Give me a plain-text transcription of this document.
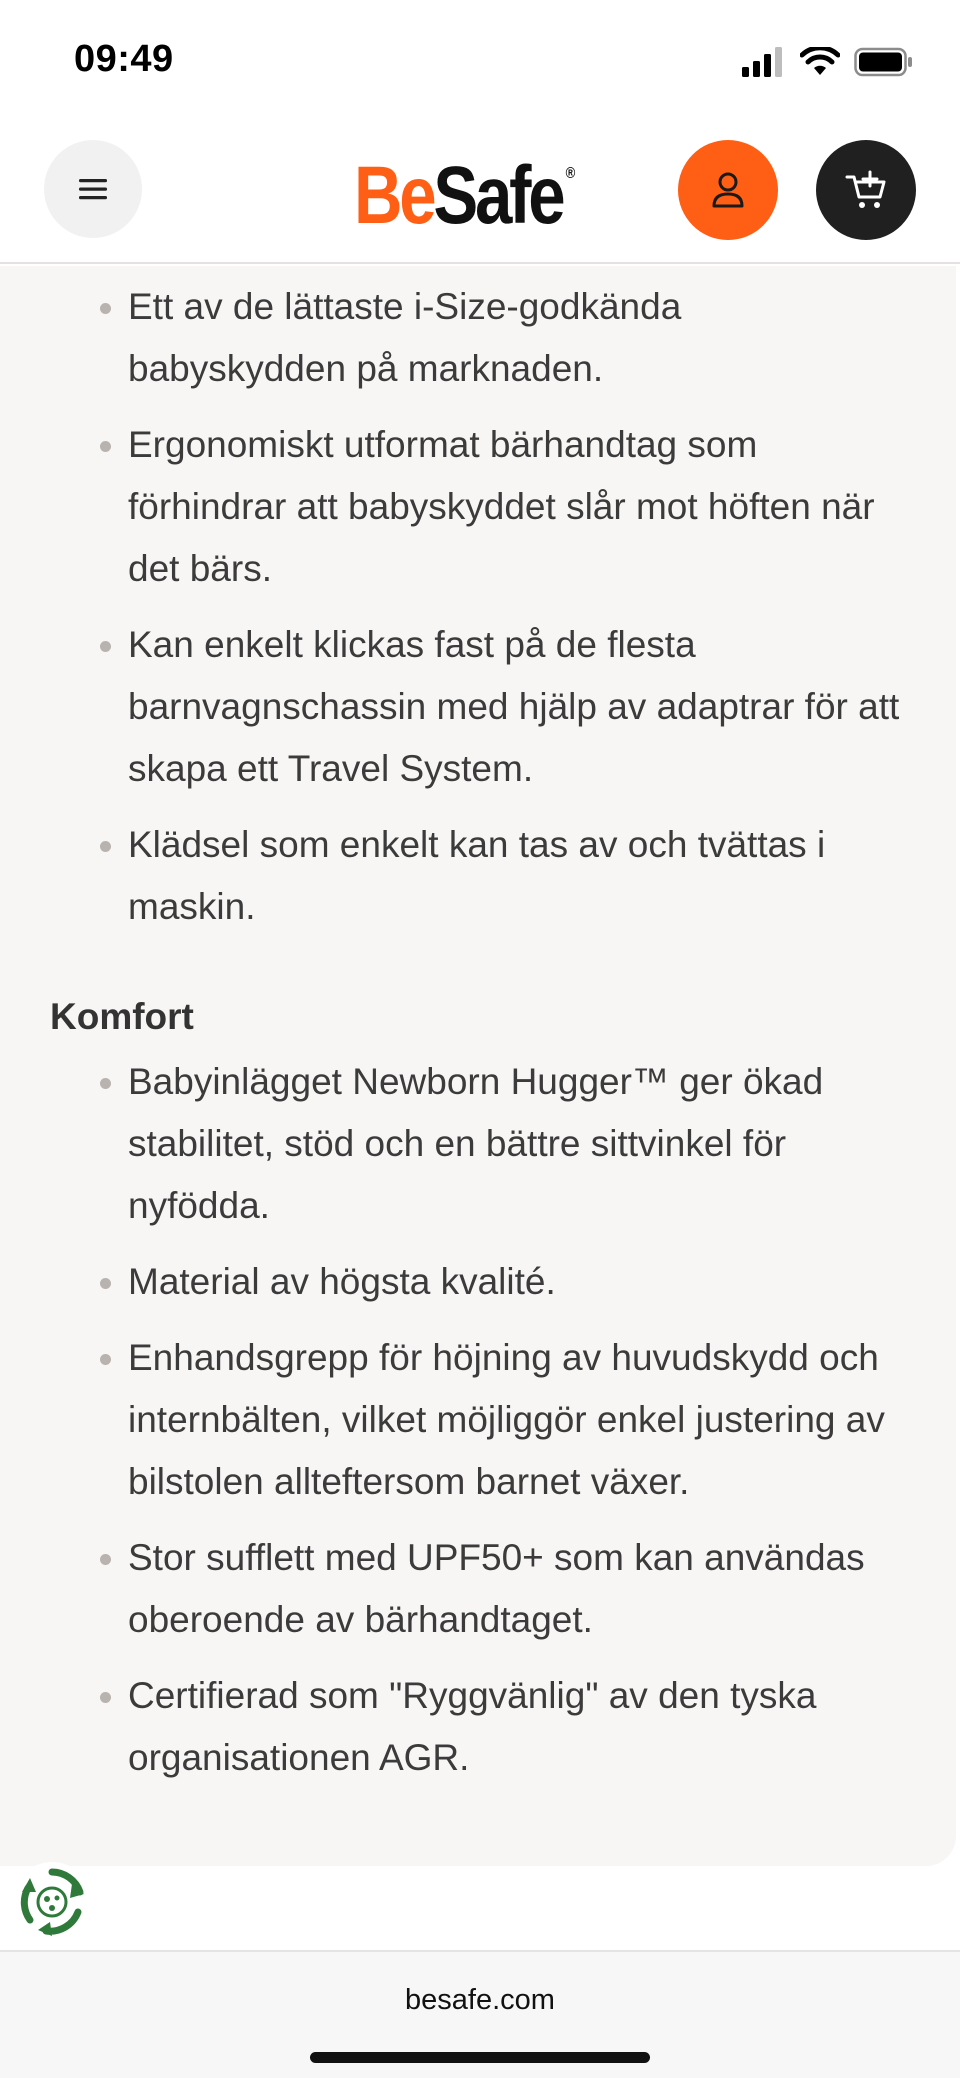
09:49
Be Safe ®
Ett av de lättaste i-Size-godkända babyskydden på marknaden.
Ergonomiskt utformat bärhandtag som förhindrar att babyskyddet slår mot höften när det bärs.
Kan enkelt klickas fast på de flesta barnvagnschassin med hjälp av adaptrar för att skapa ett Travel System.
Klädsel som enkelt kan tas av och tvättas i maskin.
Komfort
Babyinlägget Newborn Hugger™ ger ökad stabilitet, stöd och en bättre sittvinkel för nyfödda.
Material av högsta kvalité.
Enhandsgrepp för höjning av huvudskydd och internbälten, vilket möjliggör enkel justering av bilstolen allteftersom barnet växer.
Stor sufflett med UPF50+ som kan användas oberoende av bärhandtaget.
Certifierad som "Ryggvänlig" av den tyska organisationen AGR.
besafe.com
